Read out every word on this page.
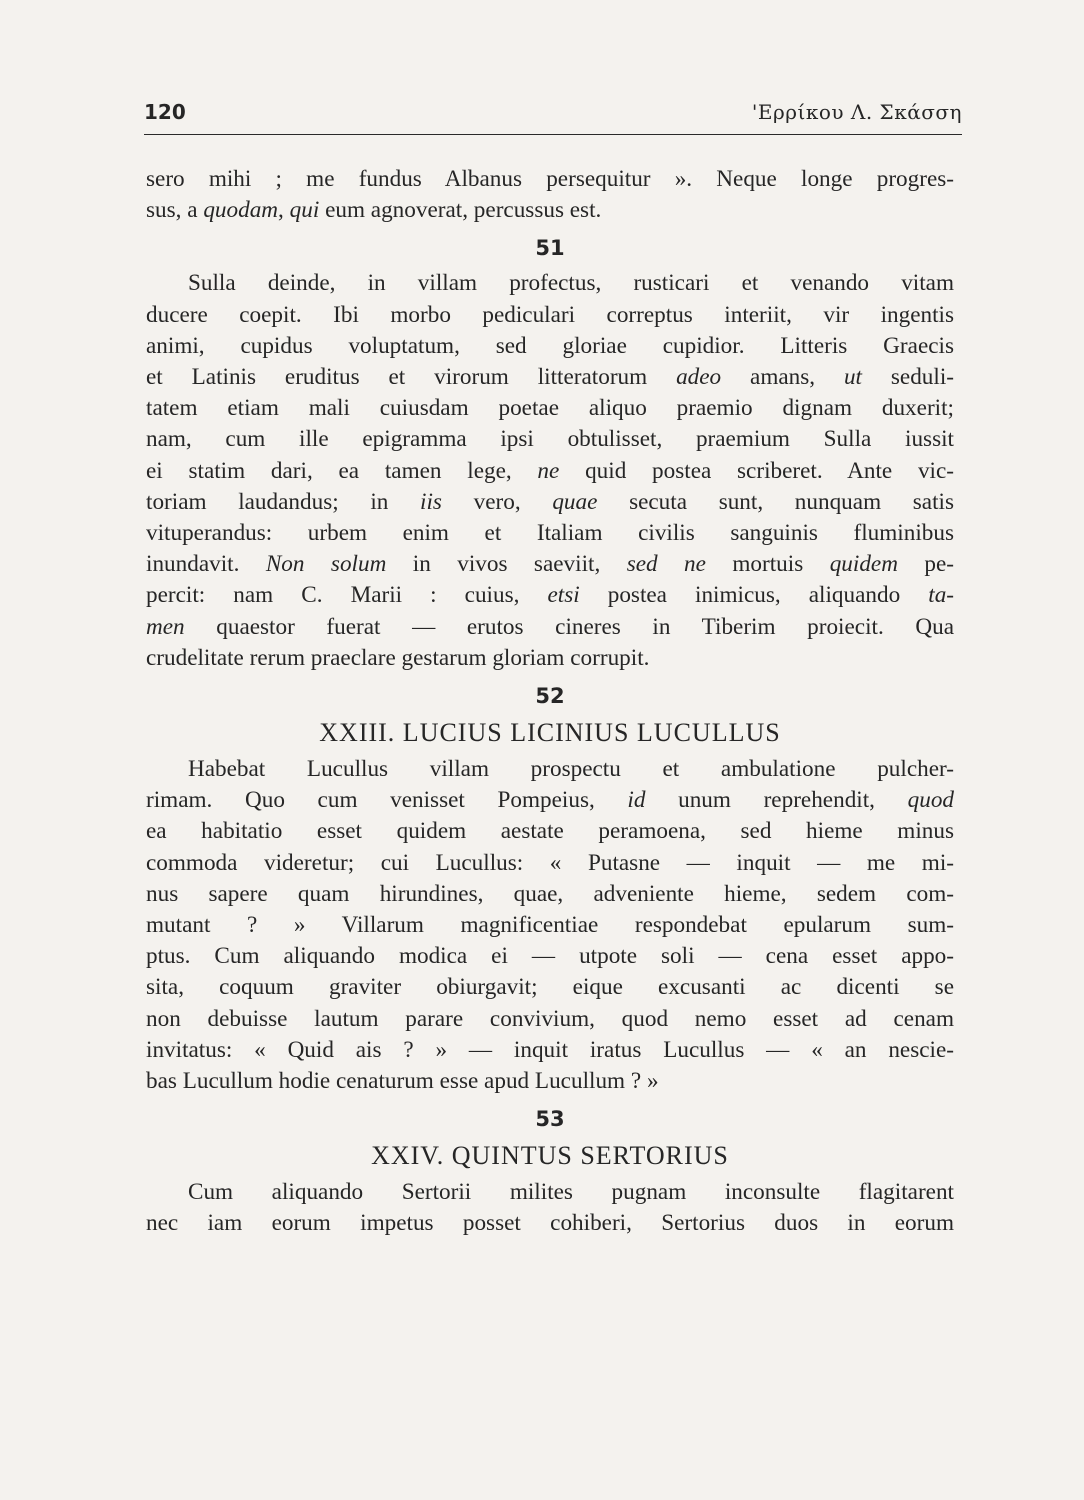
120	'Ερρίκου Λ. Σκάσση
sero mihi ; me fundus Albanus persequitur ». Neque longe progres-
sus, a quodam, qui eum agnoverat, percussus est.
51
Sulla deinde, in villam profectus, rusticari et venando vitam
ducere coepit. Ibi morbo pediculari correptus interiit, vir ingentis
animi, cupidus voluptatum, sed gloriae cupidior. Litteris Graecis
et Latinis eruditus et virorum litteratorum adeo amans, ut seduli-
tatem etiam mali cuiusdam poetae aliquo praemio dignam duxerit;
nam, cum ille epigramma ipsi obtulisset, praemium Sulla iussit
ei statim dari, ea tamen lege, ne quid postea scriberet. Ante vic-
toriam laudandus; in iis vero, quae secuta sunt, nunquam satis
vituperandus: urbem enim et Italiam civilis sanguinis fluminibus
inundavit. Non solum in vivos saeviit, sed ne mortuis quidem pe-
percit: nam C. Marii : cuius, etsi postea inimicus, aliquando ta-
men quaestor fuerat — erutos cineres in Tiberim proiecit. Qua
crudelitate rerum praeclare gestarum gloriam corrupit.
52
XXIII. LUCIUS LICINIUS LUCULLUS
Habebat Lucullus villam prospectu et ambulatione pulcher-
rimam. Quo cum venisset Pompeius, id unum reprehendit, quod
ea habitatio esset quidem aestate peramoena, sed hieme minus
commoda videretur; cui Lucullus: « Putasne — inquit — me mi-
nus sapere quam hirundines, quae, adveniente hieme, sedem com-
mutant ? » Villarum magnificentiae respondebat epularum sum-
ptus. Cum aliquando modica ei — utpote soli — cena esset appo-
sita, coquum graviter obiurgavit; eique excusanti ac dicenti se
non debuisse lautum parare convivium, quod nemo esset ad cenam
invitatus: « Quid ais ? » — inquit iratus Lucullus — « an nescie-
bas Lucullum hodie cenaturum esse apud Lucullum ? »
53
XXIV. QUINTUS SERTORIUS
Cum aliquando Sertorii milites pugnam inconsulte flagitarent
nec iam eorum impetus posset cohiberi, Sertorius duos in eorum
